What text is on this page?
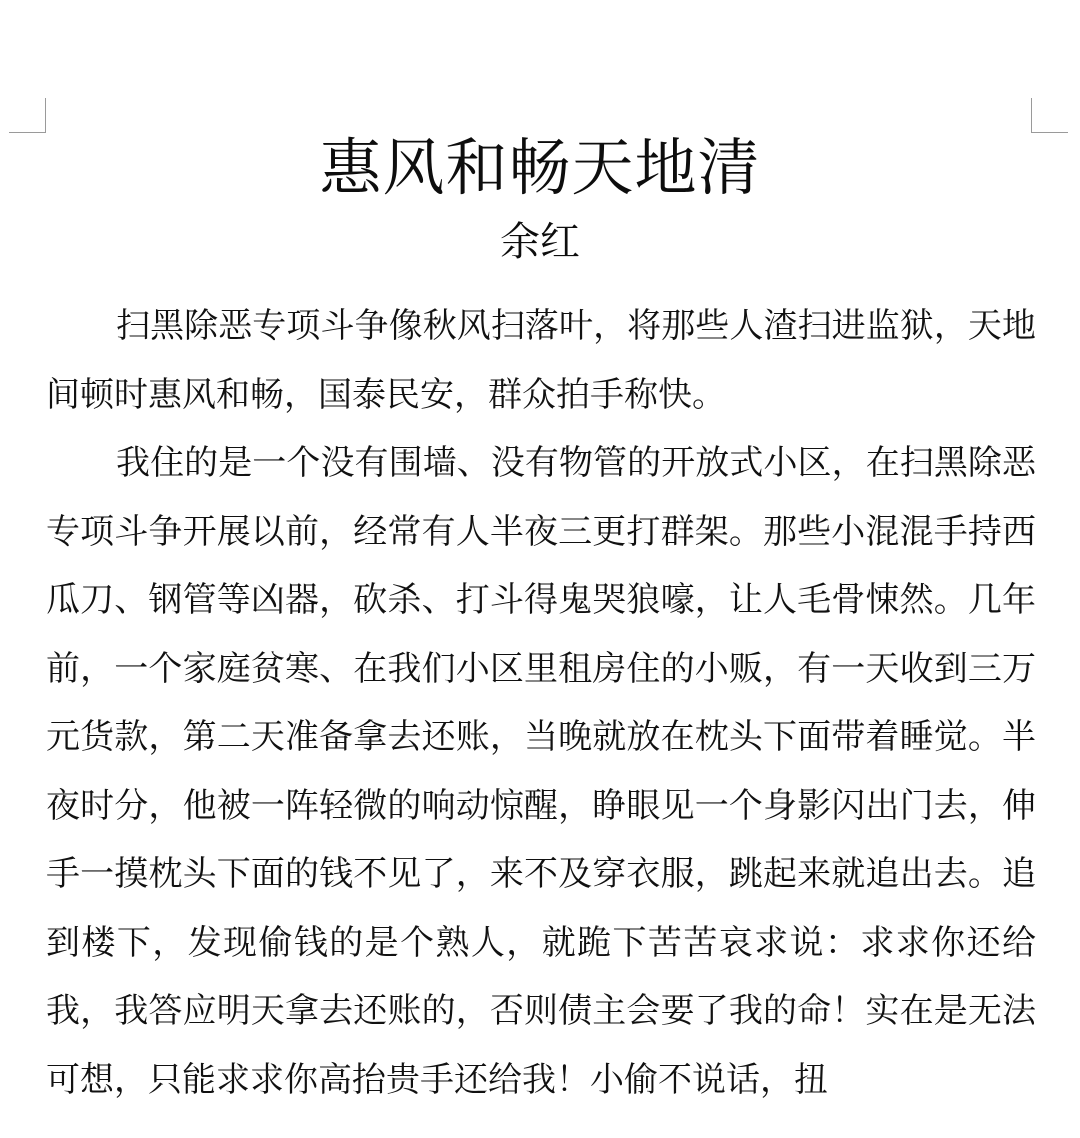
惠风和畅天地清
余红

扫黑除恶专项斗争像秋风扫落叶，将那些人渣扫进监狱，天地间顿时惠风和畅，国泰民安，群众拍手称快。

我住的是一个没有围墙、没有物管的开放式小区，在扫黑除恶专项斗争开展以前，经常有人半夜三更打群架。那些小混混手持西瓜刀、钢管等凶器，砍杀、打斗得鬼哭狼嚎，让人毛骨悚然。几年前，一个家庭贫寒、在我们小区里租房住的小贩，有一天收到三万元货款，第二天准备拿去还账，当晚就放在枕头下面带着睡觉。半夜时分，他被一阵轻微的响动惊醒，睁眼见一个身影闪出门去，伸手一摸枕头下面的钱不见了，来不及穿衣服，跳起来就追出去。追到楼下，发现偷钱的是个熟人，就跪下苦苦哀求说：求求你还给我，我答应明天拿去还账的，否则债主会要了我的命！实在是无法可想，只能求求你高抬贵手还给我！小偷不说话，扭
